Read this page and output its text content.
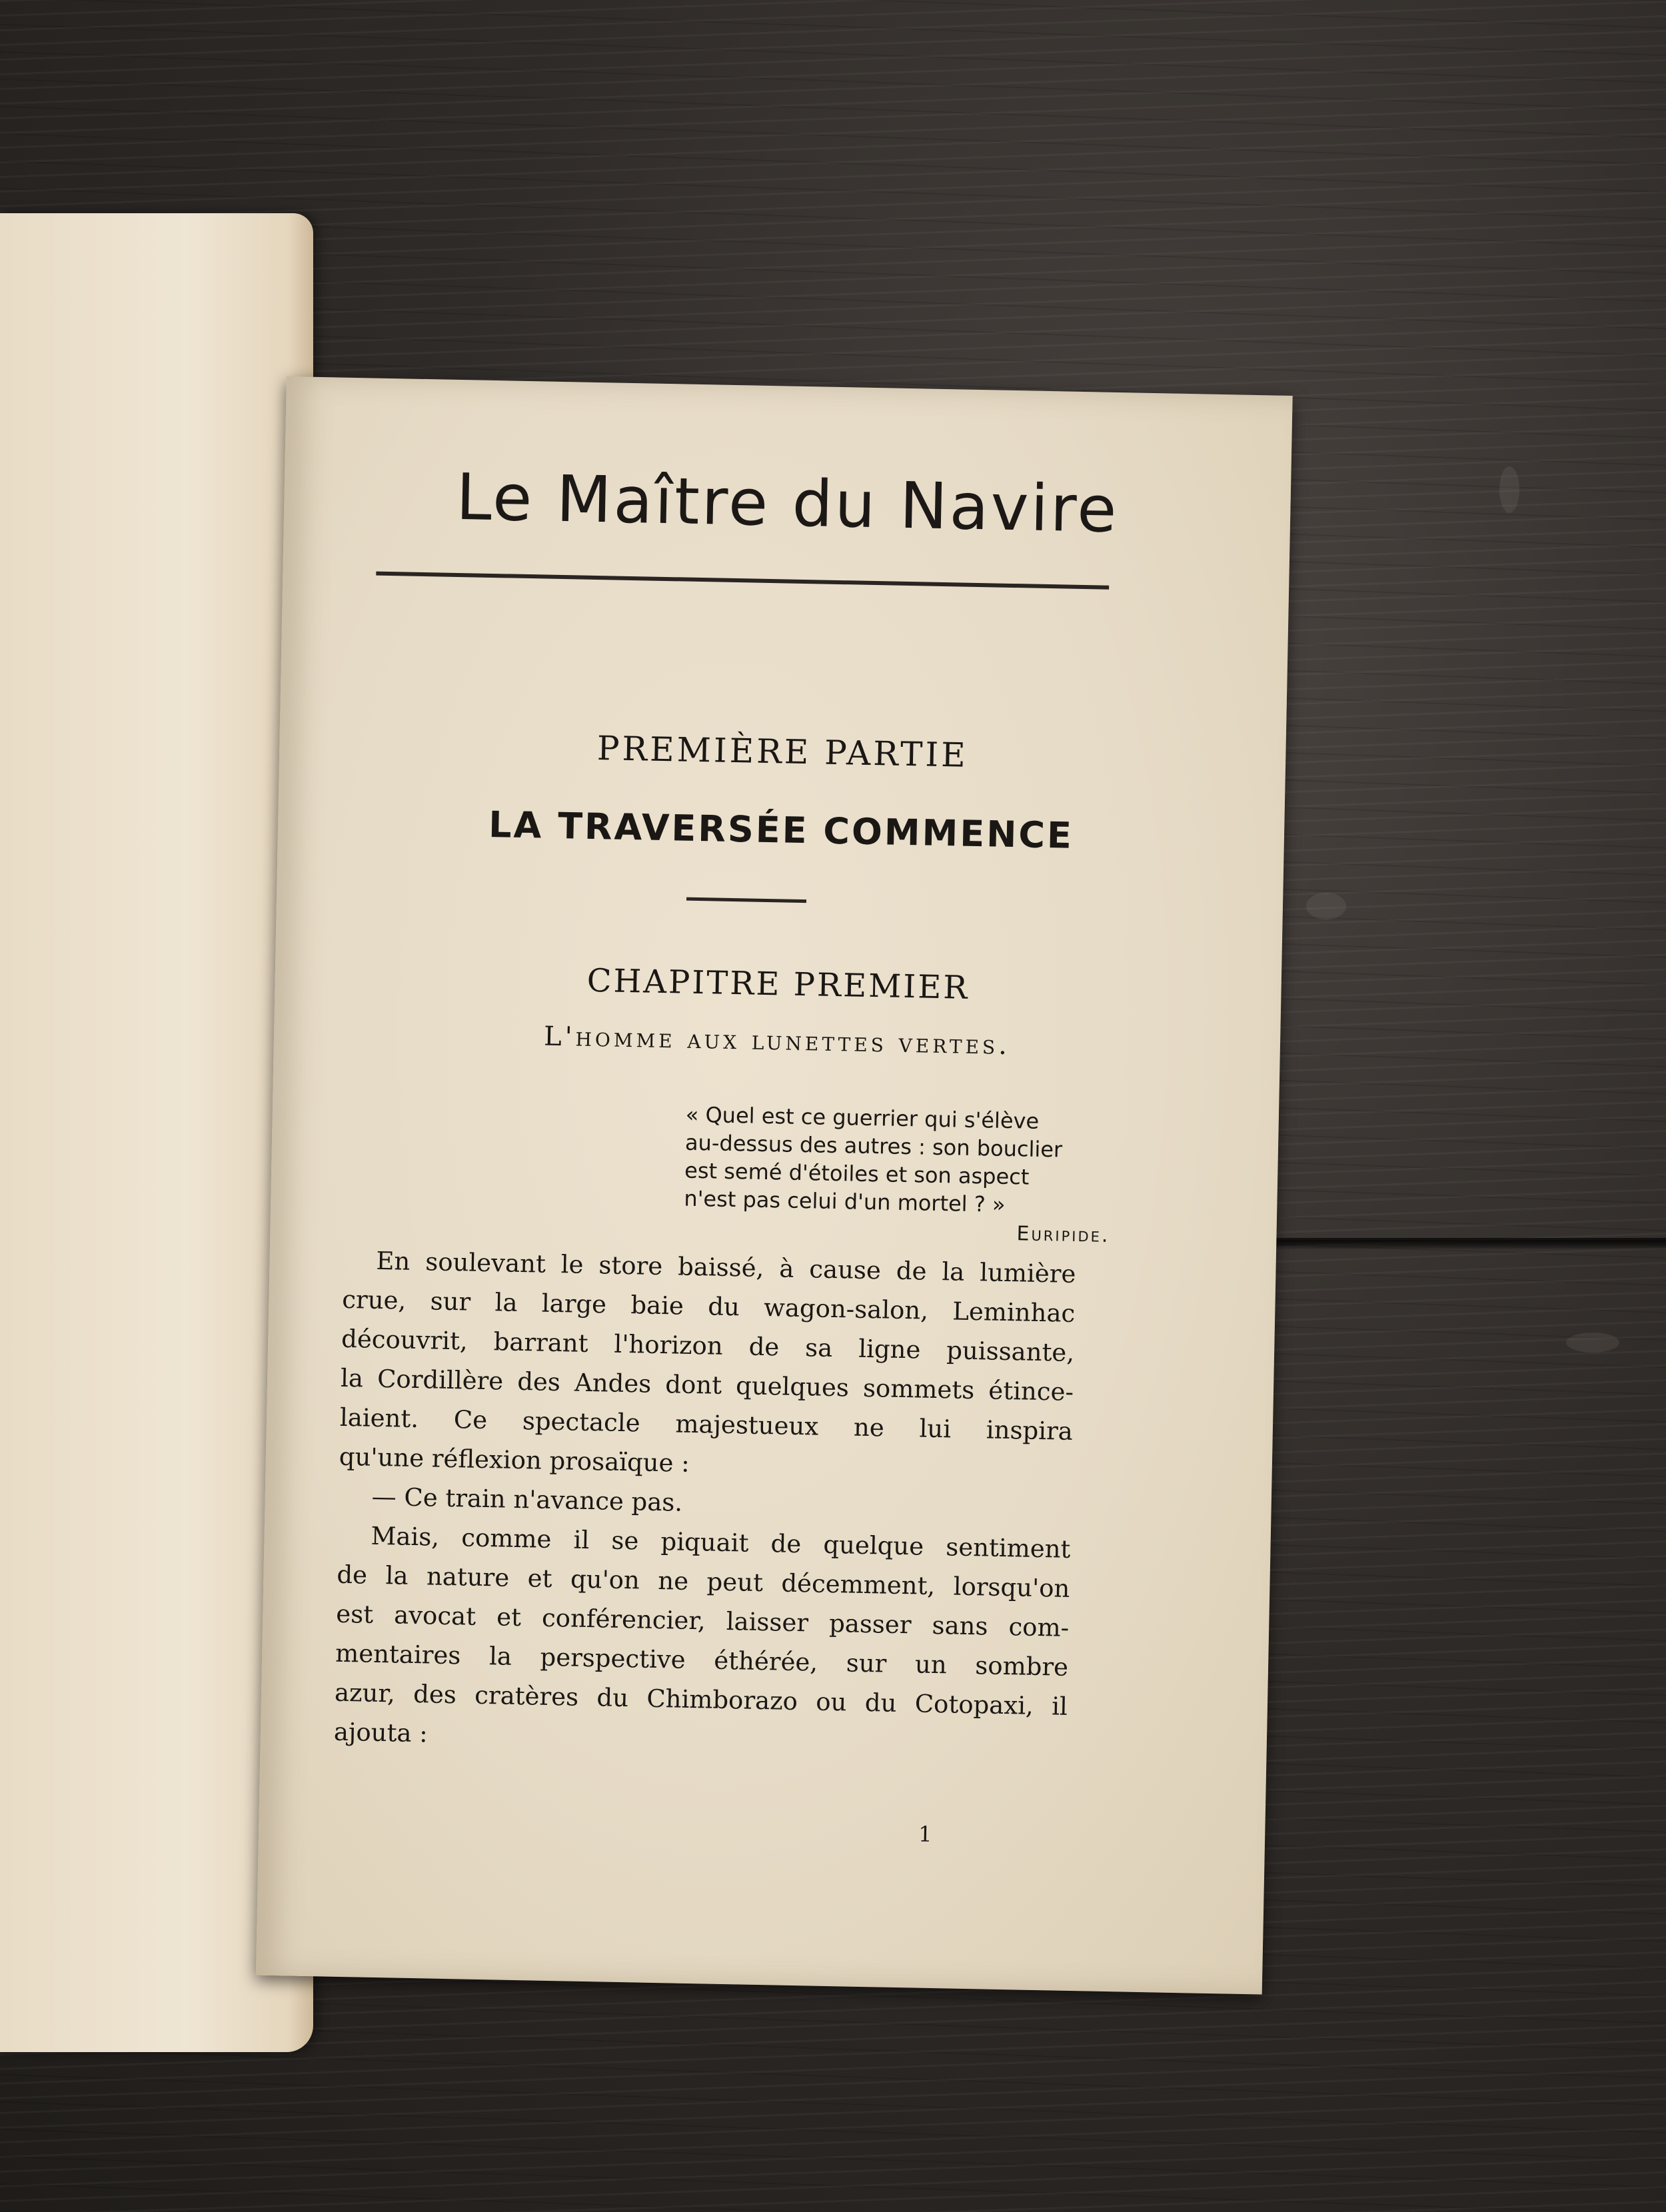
Le Maître du Navire
PREMIÈRE PARTIE
LA TRAVERSÉE COMMENCE
CHAPITRE PREMIER
L'homme aux lunettes vertes.
« Quel est ce guerrier qui s'élève
au-dessus des autres : son bouclier
est semé d'étoiles et son aspect
n'est pas celui d'un mortel ? »
Euripide.
En soulevant le store baissé, à cause de la lumière
crue, sur la large baie du wagon-salon, Leminhac
découvrit, barrant l'horizon de sa ligne puissante,
la Cordillère des Andes dont quelques sommets étince-
laient. Ce spectacle majestueux ne lui inspira
qu'une réflexion prosaïque :
— Ce train n'avance pas.
Mais, comme il se piquait de quelque sentiment
de la nature et qu'on ne peut décemment, lorsqu'on
est avocat et conférencier, laisser passer sans com-
mentaires la perspective éthérée, sur un sombre
azur, des cratères du Chimborazo ou du Cotopaxi, il
ajouta :
1
